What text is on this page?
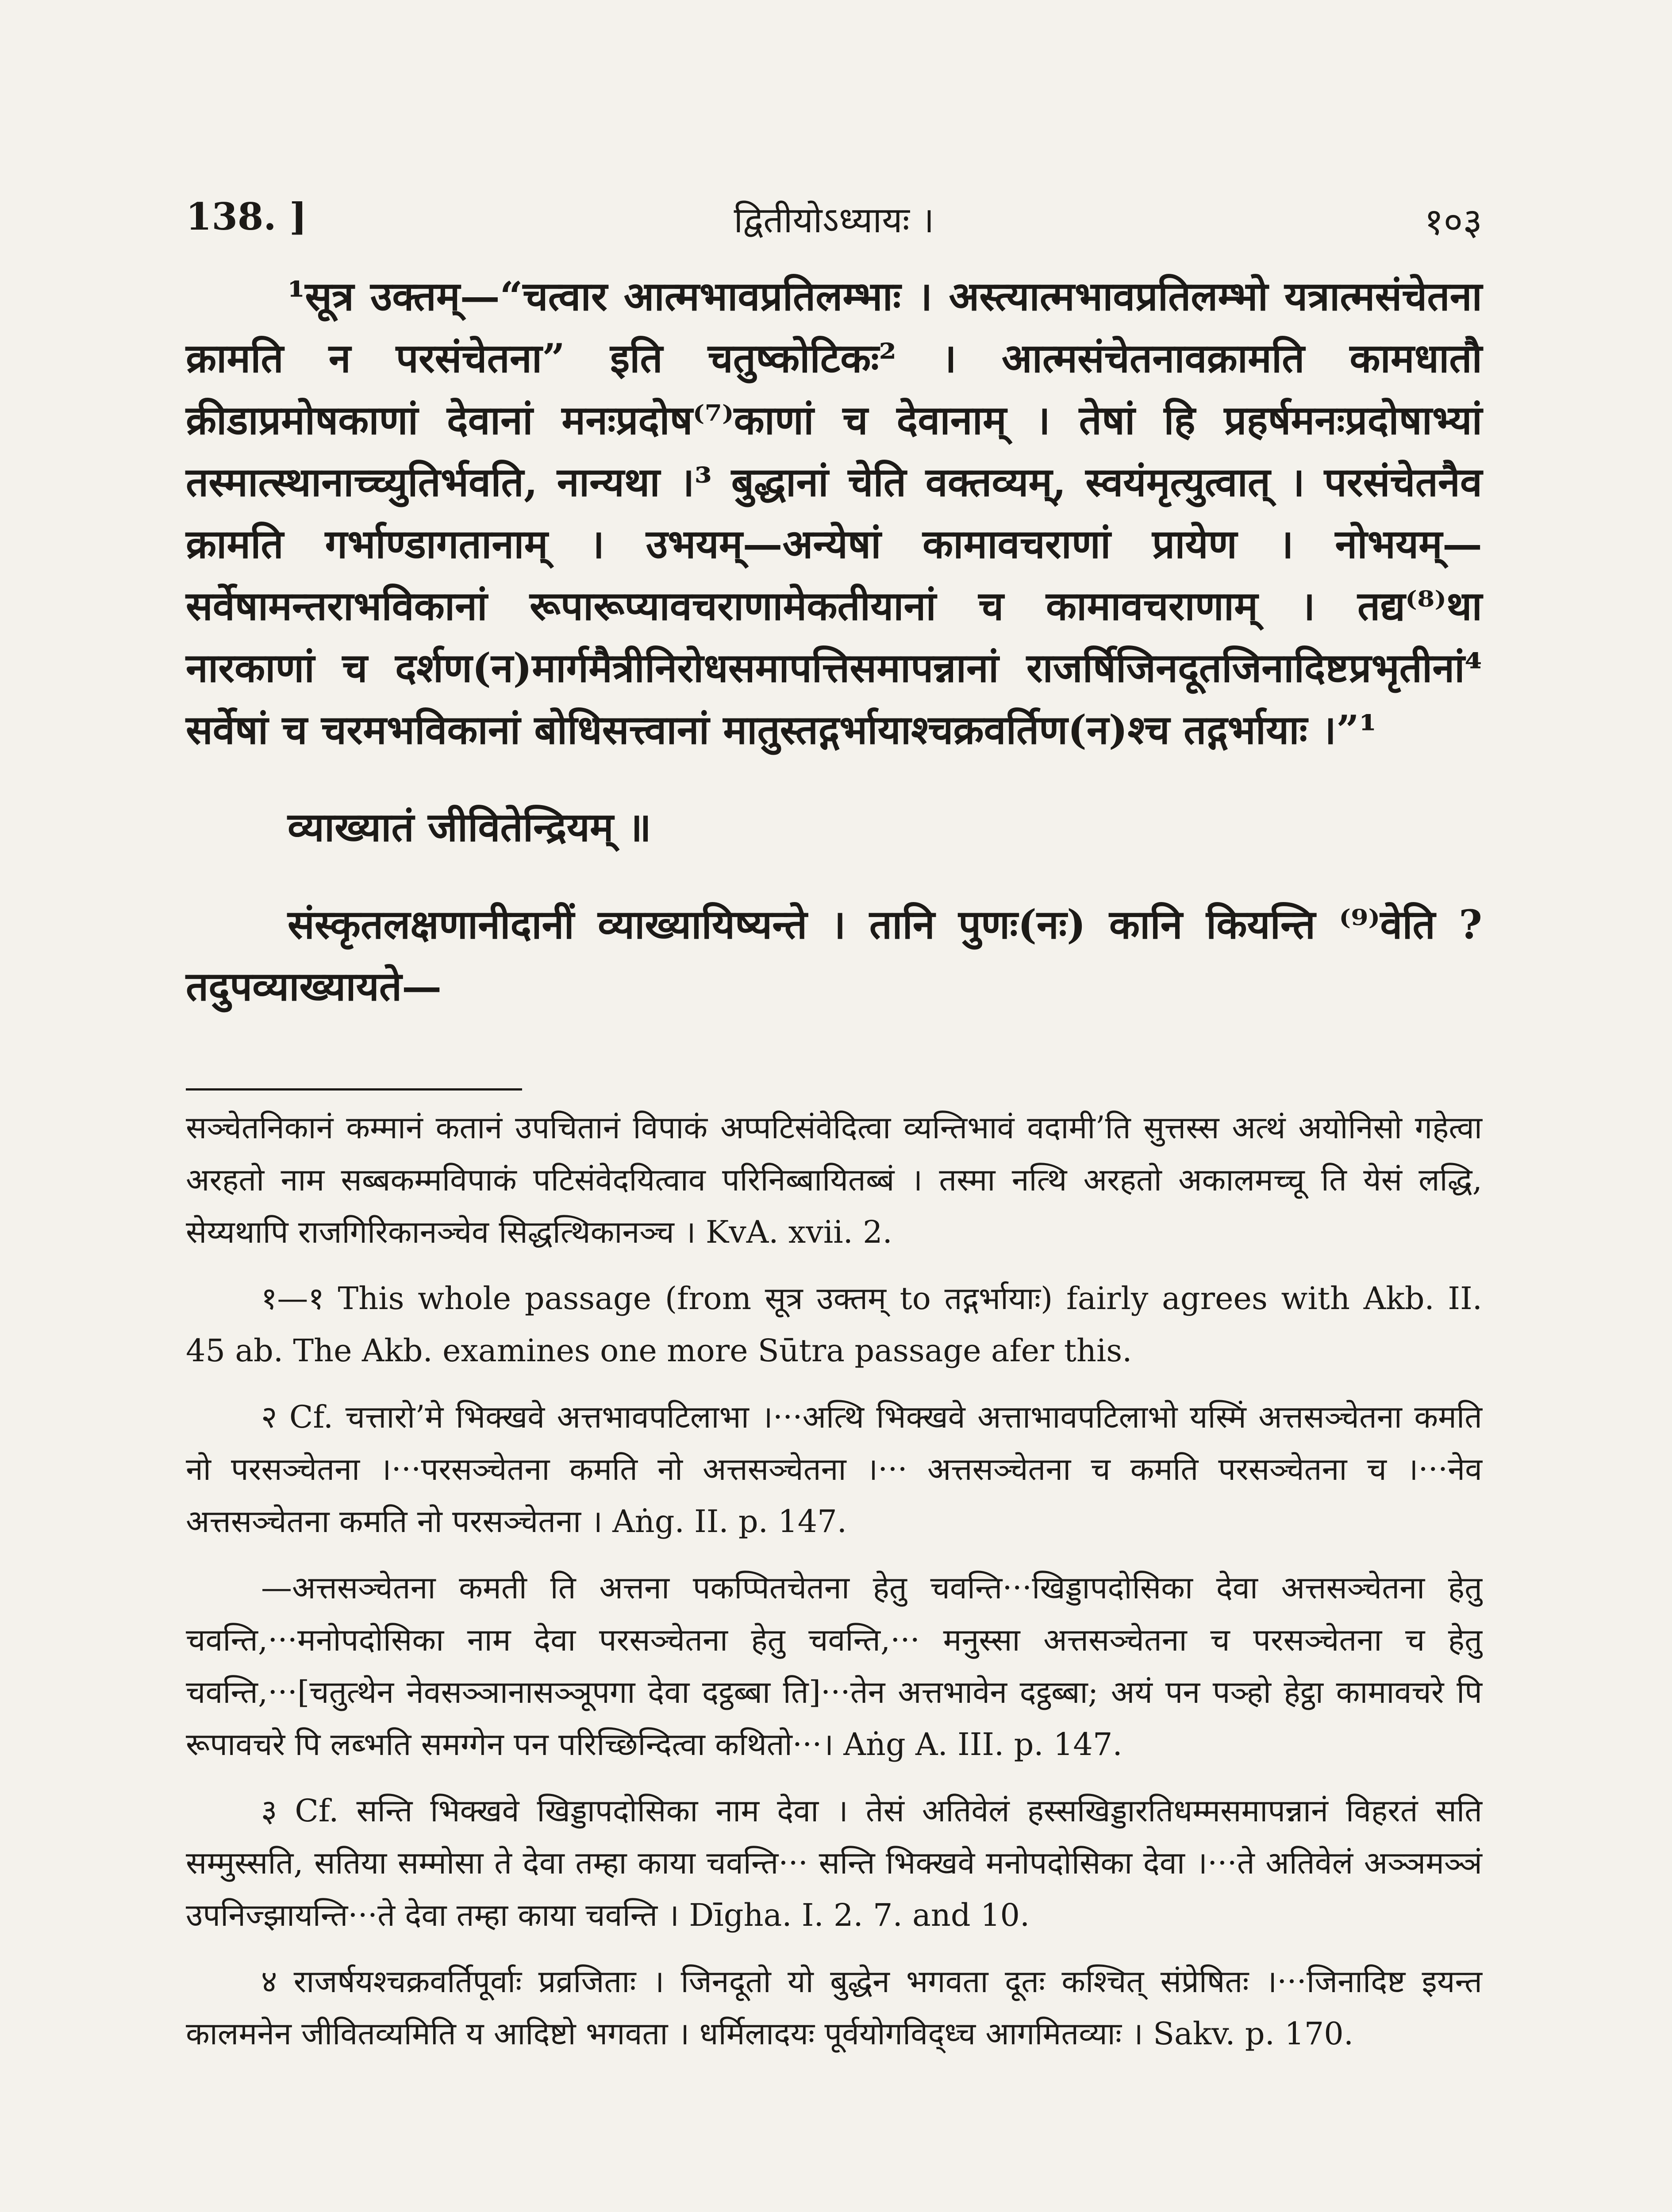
138. ]	द्वितीयोऽध्यायः ।	१०३

¹सूत्र उक्तम्—“चत्वार आत्मभावप्रतिलम्भाः । अस्त्यात्मभावप्रतिलम्भो यत्रात्मसंचेतना क्रामति न परसंचेतना” इति चतुष्कोटिकः² । आत्मसंचेतनावक्रामति कामधातौ क्रीडाप्रमोषकाणां देवानां मनःप्रदोष⁽⁷⁾काणां च देवानाम् । तेषां हि प्रहर्षमनःप्रदोषाभ्यां तस्मात्स्थानाच्च्युतिर्भवति, नान्यथा ।³ बुद्धानां चेति वक्तव्यम्, स्वयंमृत्युत्वात् । परसंचेतनैव क्रामति गर्भाण्डागतानाम् । उभयम्—अन्येषां कामावचराणां प्रायेण । नोभयम्—सर्वेषामन्तराभविकानां रूपारूप्यावचराणामेकतीयानां च कामावचराणाम् । तद्य⁽⁸⁾था नारकाणां च दर्शण(न)मार्गमैत्रीनिरोधसमापत्तिसमापन्नानां राजर्षिजिनदूतजिनादिष्टप्रभृतीनां⁴ सर्वेषां च चरमभविकानां बोधिसत्त्वानां मातुस्तद्गर्भायाश्चक्रवर्तिण(न)श्च तद्गर्भायाः ।”¹

व्याख्यातं जीवितेन्द्रियम् ॥

संस्कृतलक्षणानीदानीं व्याख्यायिष्यन्ते । तानि पुणः(नः) कानि कियन्ति ⁽⁹⁾वेति ? तदुपव्याख्यायते—

सञ्चेतनिकानं कम्मानं कतानं उपचितानं विपाकं अप्पटिसंवेदित्वा व्यन्तिभावं वदामी’ति सुत्तस्स अत्थं अयोनिसो गहेत्वा अरहतो नाम सब्बकम्मविपाकं पटिसंवेदयित्वाव परिनिब्बायितब्बं । तस्मा नत्थि अरहतो अकालमच्चू ति येसं लद्धि, सेय्यथापि राजगिरिकानञ्चेव सिद्धत्थिकानञ्च । KvA. xvii. 2.

१—१ This whole passage (from सूत्र उक्तम् to तद्गर्भायाः) fairly agrees with Akb. II. 45 ab. The Akb. examines one more Sūtra passage afer this.

२ Cf. चत्तारो’मे भिक्खवे अत्तभावपटिलाभा ।···अत्थि भिक्खवे अत्ताभावपटिलाभो यस्मिं अत्तसञ्चेतना कमति नो परसञ्चेतना ।···परसञ्चेतना कमति नो अत्तसञ्चेतना ।··· अत्तसञ्चेतना च कमति परसञ्चेतना च ।···नेव अत्तसञ्चेतना कमति नो परसञ्चेतना । Aṅg. II. p. 147.

—अत्तसञ्चेतना कमती ति अत्तना पकप्पितचेतना हेतु चवन्ति···खिड्डापदोसिका देवा अत्तसञ्चेतना हेतु चवन्ति,···मनोपदोसिका नाम देवा परसञ्चेतना हेतु चवन्ति,··· मनुस्सा अत्तसञ्चेतना च परसञ्चेतना च हेतु चवन्ति,···[चतुत्थेन नेवसञ्ञानासञ्ञूपगा देवा दट्ठब्बा ति]···तेन अत्तभावेन दट्ठब्बा; अयं पन पञ्हो हेट्ठा कामावचरे पि रूपावचरे पि लब्भति समग्गेन पन परिच्छिन्दित्वा कथितो···। Aṅg A. III. p. 147.

३ Cf. सन्ति भिक्खवे खिड्डापदोसिका नाम देवा । तेसं अतिवेलं हस्सखिड्डारतिधम्मसमापन्नानं विहरतं सति सम्मुस्सति, सतिया सम्मोसा ते देवा तम्हा काया चवन्ति··· सन्ति भिक्खवे मनोपदोसिका देवा ।···ते अतिवेलं अञ्ञमञ्ञं उपनिज्झायन्ति···ते देवा तम्हा काया चवन्ति । Dīgha. I. 2. 7. and 10.

४ राजर्षयश्चक्रवर्तिपूर्वाः प्रव्रजिताः । जिनदूतो यो बुद्धेन भगवता दूतः कश्चित् संप्रेषितः ।···जिनादिष्ट इयन्त कालमनेन जीवितव्यमिति य आदिष्टो भगवता । धर्मिलादयः पूर्वयोगविद्ध्च आगमितव्याः । Sakv. p. 170.
